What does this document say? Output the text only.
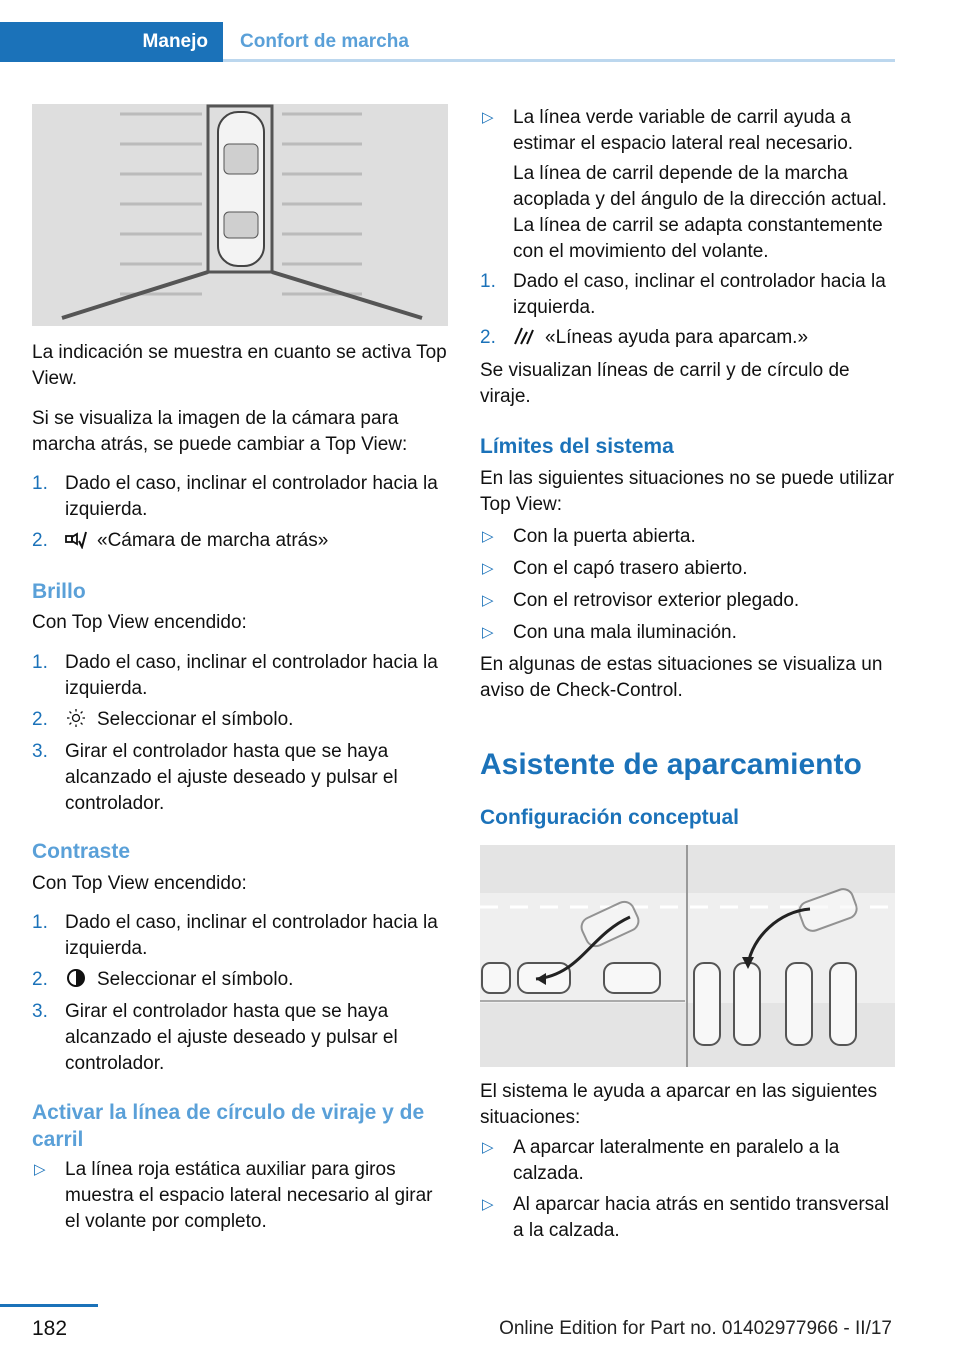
Manejo	Confort de marcha

La indicación se muestra en cuanto se activa Top View.

Si se visualiza la imagen de la cámara para marcha atrás, se puede cambiar a Top View:

1. Dado el caso, inclinar el controlador hacia la izquierda.
2.	«Cámara de marcha atrás»

Brillo

Con Top View encendido:

1. Dado el caso, inclinar el controlador hacia la izquierda.
2.	Seleccionar el símbolo.
3. Girar el controlador hasta que se haya alcanzado el ajuste deseado y pulsar el controlador.

Contraste

Con Top View encendido:

1. Dado el caso, inclinar el controlador hacia la izquierda.
2.	Seleccionar el símbolo.
3. Girar el controlador hasta que se haya alcanzado el ajuste deseado y pulsar el controlador.

Activar la línea de círculo de viraje y de carril

▷ La línea roja estática auxiliar para giros muestra el espacio lateral necesario al girar el volante por completo.
▷ La línea verde variable de carril ayuda a estimar el espacio lateral real necesario.

La línea de carril depende de la marcha acoplada y del ángulo de la dirección actual. La línea de carril se adapta constantemente con el movimiento del volante.

1. Dado el caso, inclinar el controlador hacia la izquierda.
2.	«Líneas ayuda para aparcam.»

Se visualizan líneas de carril y de círculo de viraje.

Límites del sistema

En las siguientes situaciones no se puede utilizar Top View:

▷ Con la puerta abierta.
▷ Con el capó trasero abierto.
▷ Con el retrovisor exterior plegado.
▷ Con una mala iluminación.

En algunas de estas situaciones se visualiza un aviso de Check-Control.

Asistente de aparcamiento

Configuración conceptual

El sistema le ayuda a aparcar en las siguientes situaciones:

▷ A aparcar lateralmente en paralelo a la calzada.
▷ Al aparcar hacia atrás en sentido transversal a la calzada.
182	Online Edition for Part no. 01402977966 - II/17
